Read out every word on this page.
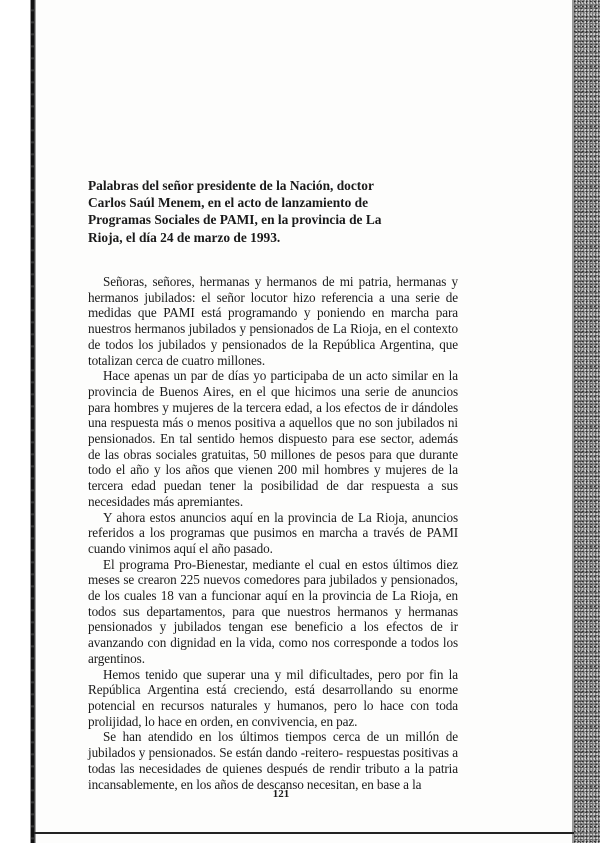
Palabras del señor presidente de la Nación, doctor Carlos Saúl Menem, en el acto de lanzamiento de Programas Sociales de PAMI, en la provincia de La Rioja, el día 24 de marzo de 1993.

Señoras, señores, hermanas y hermanos de mi patria, hermanas y hermanos jubilados: el señor locutor hizo referencia a una serie de medidas que PAMI está programando y poniendo en marcha para nuestros hermanos jubilados y pensionados de La Rioja, en el contexto de todos los jubilados y pensionados de la República Argentina, que totalizan cerca de cuatro millones.

Hace apenas un par de días yo participaba de un acto similar en la provincia de Buenos Aires, en el que hicimos una serie de anuncios para hombres y mujeres de la tercera edad, a los efectos de ir dándoles una respuesta más o menos positiva a aquellos que no son jubilados ni pensionados. En tal sentido hemos dispuesto para ese sector, además de las obras sociales gratuitas, 50 millones de pesos para que durante todo el año y los años que vienen 200 mil hombres y mujeres de la tercera edad puedan tener la posibilidad de dar respuesta a sus necesidades más apremiantes.

Y ahora estos anuncios aquí en la provincia de La Rioja, anuncios referidos a los programas que pusimos en marcha a través de PAMI cuando vinimos aquí el año pasado.

El programa Pro-Bienestar, mediante el cual en estos últimos diez meses se crearon 225 nuevos comedores para jubilados y pensionados, de los cuales 18 van a funcionar aquí en la provincia de La Rioja, en todos sus departamentos, para que nuestros hermanos y hermanas pensionados y jubilados tengan ese beneficio a los efectos de ir avanzando con dignidad en la vida, como nos corresponde a todos los argentinos.

Hemos tenido que superar una y mil dificultades, pero por fin la República Argentina está creciendo, está desarrollando su enorme potencial en recursos naturales y humanos, pero lo hace con toda prolijidad, lo hace en orden, en convivencia, en paz.

Se han atendido en los últimos tiempos cerca de un millón de jubilados y pensionados. Se están dando -reitero- respuestas positivas a todas las necesidades de quienes después de rendir tributo a la patria incansablemente, en los años de descanso necesitan, en base a la

121
